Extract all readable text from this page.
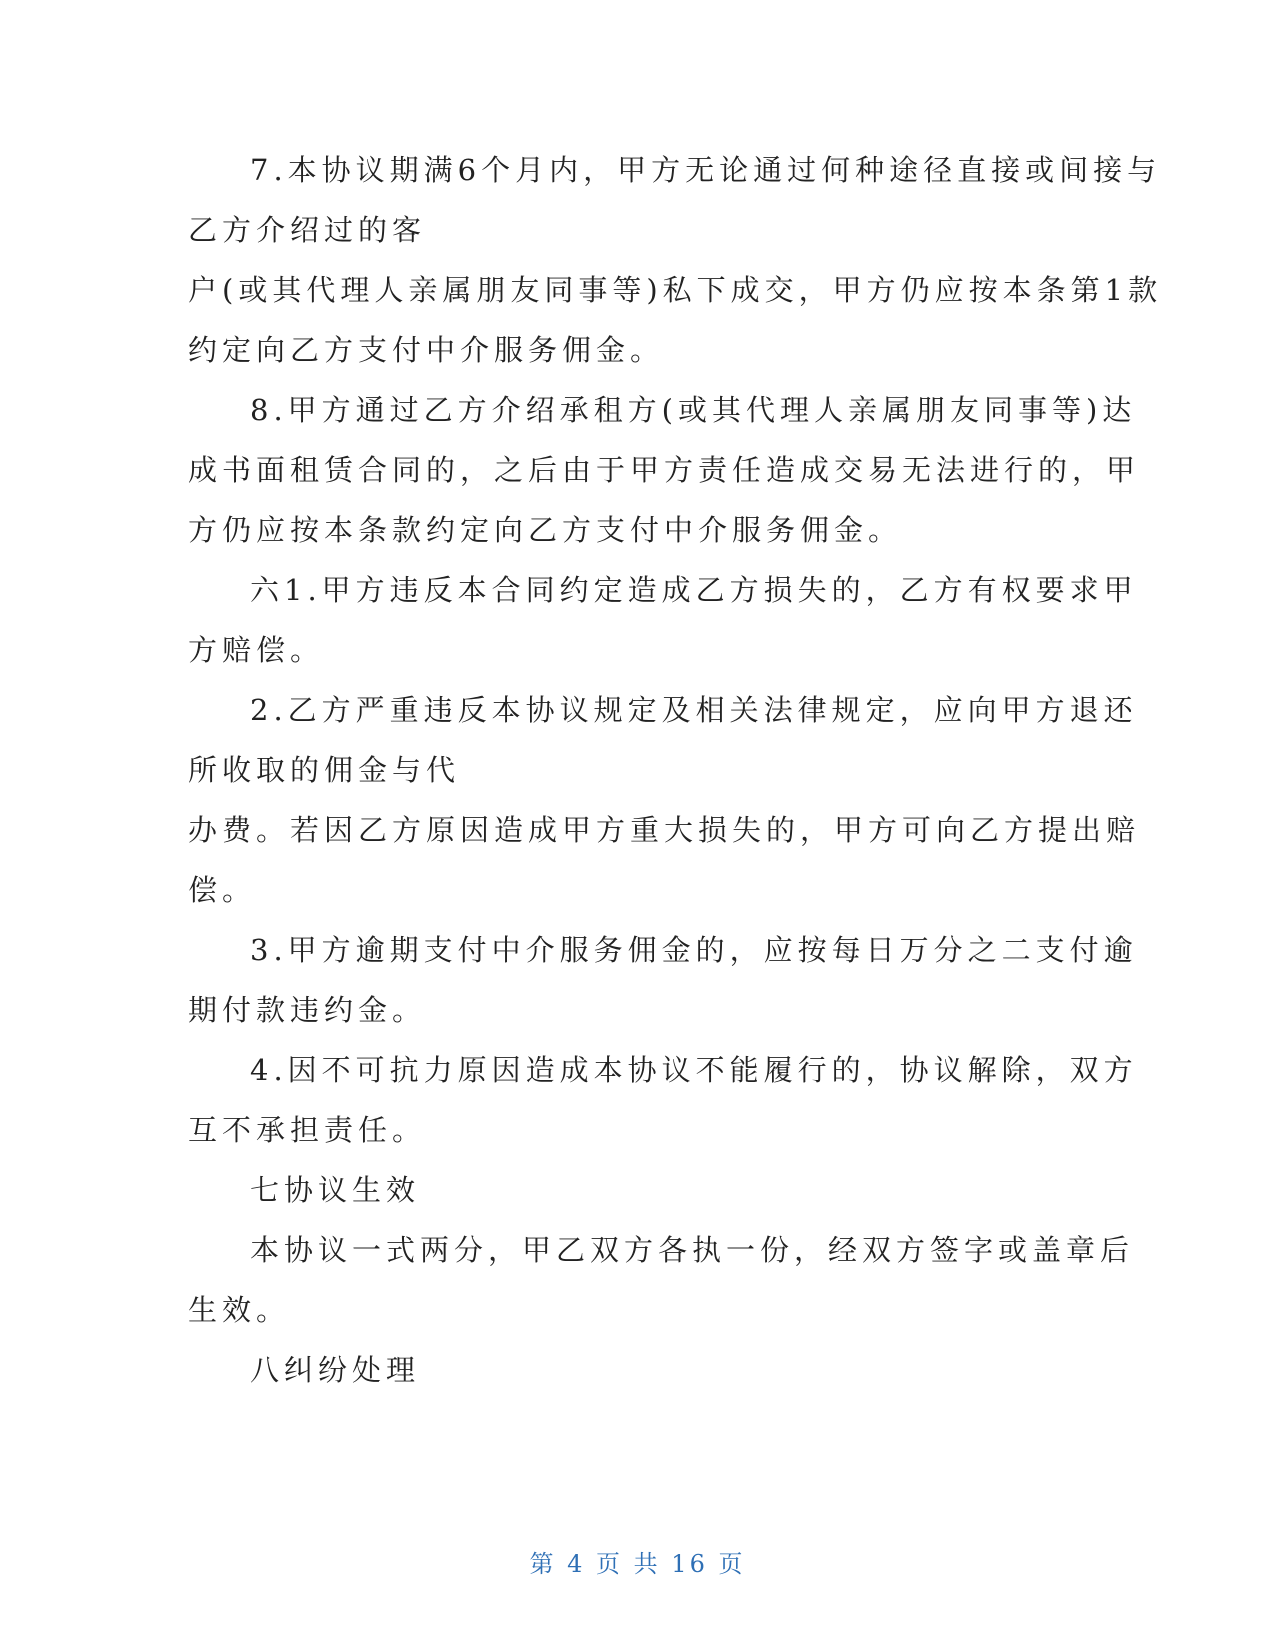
7.本协议期满6个月内，甲方无论通过何种途径直接或间接与
乙方介绍过的客
户(或其代理人亲属朋友同事等)私下成交，甲方仍应按本条第1款
约定向乙方支付中介服务佣金。
8.甲方通过乙方介绍承租方(或其代理人亲属朋友同事等)达
成书面租赁合同的，之后由于甲方责任造成交易无法进行的，甲
方仍应按本条款约定向乙方支付中介服务佣金。
六1.甲方违反本合同约定造成乙方损失的，乙方有权要求甲
方赔偿。
2.乙方严重违反本协议规定及相关法律规定，应向甲方退还
所收取的佣金与代
办费。若因乙方原因造成甲方重大损失的，甲方可向乙方提出赔
偿。
3.甲方逾期支付中介服务佣金的，应按每日万分之二支付逾
期付款违约金。
4.因不可抗力原因造成本协议不能履行的，协议解除，双方
互不承担责任。
七协议生效
本协议一式两分，甲乙双方各执一份，经双方签字或盖章后
生效。
八纠纷处理
第 4 页 共 16 页
